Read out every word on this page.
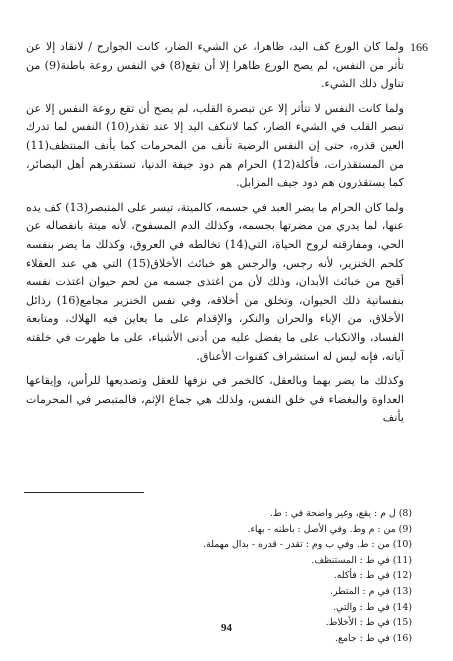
166

ولما كان الورع كف اليد، ظاهرا، عن الشيء الضار، كانت الجوارح / لانقاد إلا عن تأثر من النفس، لم يصح الورع ظاهرا إلا أن تقع(8) في النفس روعة باطنة(9) من تناول ذلك الشيء.

ولما كانت النفس لا تتأثر إلا عن تبصرة القلب، لم يصح أن تقع روعة النفس إلا عن تبصر القلب في الشيء الضار، كما لاتنكف اليد إلا عند تقذر(10) النفس لما تدرك العين قذره، حتى إن النفس الرضية تأنف من المحرمات كما يأنف المنتظف(11) من المستقذرات، فأكلة(12) الحرام هم دود جيفة الدنيا، تستقذرهم أهل البصائر، كما يستقذرون هم دود جيف المزابل.

ولما كان الحرام ما يضر العبد في جسمه، كالميتة، تيسر على المتبصر(13) كف يده عنها، لما يدري من مضرتها بجسمه، وكذلك الدم المسفوح، لأنه ميتة بانفصاله عن الحي، ومفارقته لروح الحياة، التي(14) تخالطه في العروق، وكذلك ما يضر بنفسه كلحم الخنزير، لأنه رجس، والرجس هو خبائث الأخلاق(15) التي هي عند العقلاء أقبح من خبائث الأبدان، وذلك لأن من اغتذى جسمه من لحم حيوان اغتذت نفسه بنفسانية ذلك الحيوان، وتخلق من أخلاقه، وفي نفس الخنزير مجامع(16) رذائل الأخلاق، من الإباء والحران والنكر، والإقدام على ما يعاين فيه الهلاك، ومتابعة الفساد، والانكباب على ما يفضل عليه من أدنى الأشياء، على ما ظهرت في خلقته آياته، فإنه ليس له استشراف كقنوات الأعناق.

وكذلك ما يضر بهما وبالعقل، كالخمر في نزفها للعقل وتصديعها للرأس، وإيقاعها العداوة والبغضاء في خلق النفس، ولذلك هي جماع الإثم، فالمتبصر في المحرمات يأنف

(8) ل م : يقع، وغير واضحة في : ط.
(9) من : م وط. وفي الأصل : باطنه - بهاء.
(10) من : ط. وفي ب وم : تقدر - قدره - بدال مهملة.
(11) في ط : المستنظف.
(12) في ط : فأكله.
(13) في م : المتطر.
(14) في ط : والتي.
(15) في ط : الأخلاط.
(16) في ط : جامع.
94
